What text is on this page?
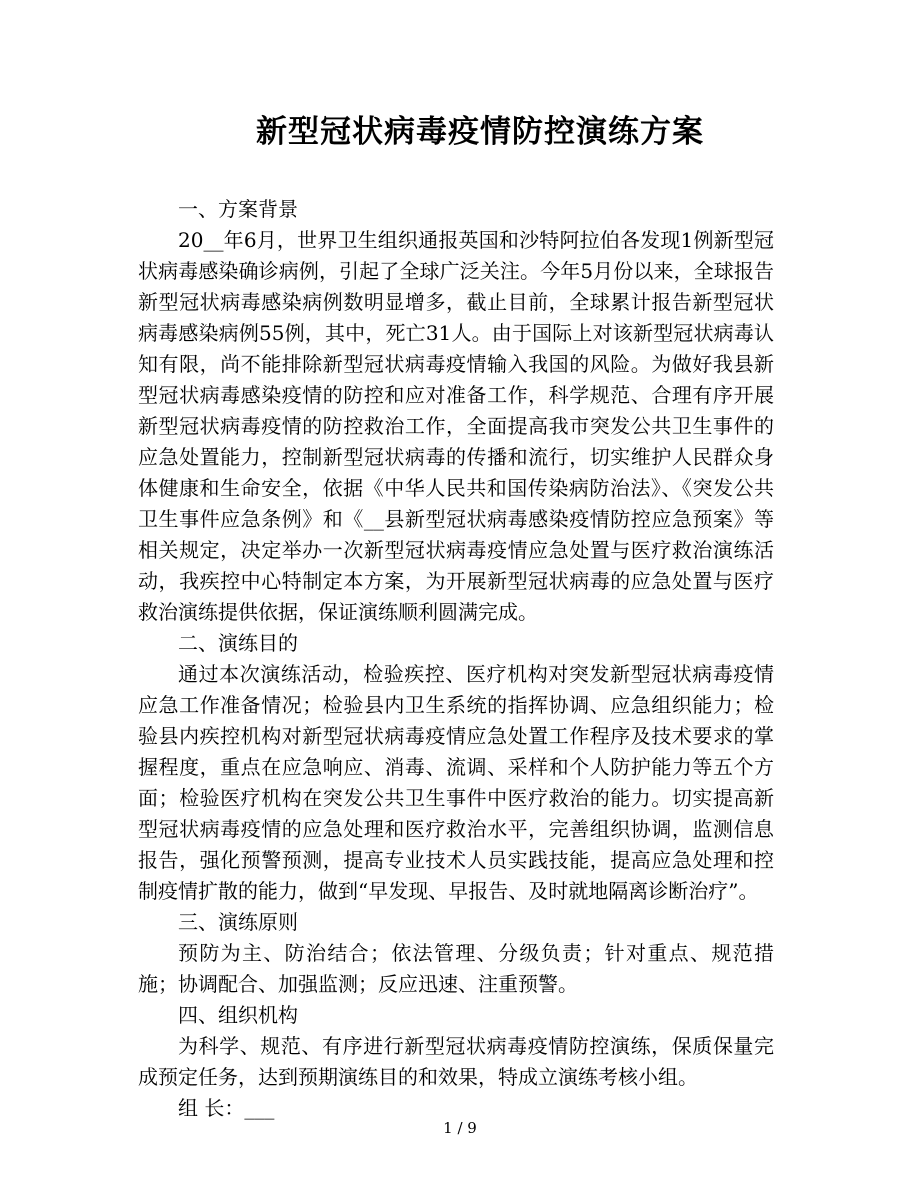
新型冠状病毒疫情防控演练方案

一、方案背景

20__年6月，世界卫生组织通报英国和沙特阿拉伯各发现1例新型冠状病毒感染确诊病例，引起了全球广泛关注。今年5月份以来，全球报告新型冠状病毒感染病例数明显增多，截止目前，全球累计报告新型冠状病毒感染病例55例，其中，死亡31人。由于国际上对该新型冠状病毒认知有限，尚不能排除新型冠状病毒疫情输入我国的风险。为做好我县新型冠状病毒感染疫情的防控和应对准备工作，科学规范、合理有序开展新型冠状病毒疫情的防控救治工作，全面提高我市突发公共卫生事件的应急处置能力，控制新型冠状病毒的传播和流行，切实维护人民群众身体健康和生命安全，依据《中华人民共和国传染病防治法》、《突发公共卫生事件应急条例》和《__县新型冠状病毒感染疫情防控应急预案》等相关规定，决定举办一次新型冠状病毒疫情应急处置与医疗救治演练活动，我疾控中心特制定本方案，为开展新型冠状病毒的应急处置与医疗救治演练提供依据，保证演练顺利圆满完成。

二、演练目的

通过本次演练活动，检验疾控、医疗机构对突发新型冠状病毒疫情应急工作准备情况；检验县内卫生系统的指挥协调、应急组织能力；检验县内疾控机构对新型冠状病毒疫情应急处置工作程序及技术要求的掌握程度，重点在应急响应、消毒、流调、采样和个人防护能力等五个方面；检验医疗机构在突发公共卫生事件中医疗救治的能力。切实提高新型冠状病毒疫情的应急处理和医疗救治水平，完善组织协调，监测信息报告，强化预警预测，提高专业技术人员实践技能，提高应急处理和控制疫情扩散的能力，做到“早发现、早报告、及时就地隔离诊断治疗”。

三、演练原则

预防为主、防治结合；依法管理、分级负责；针对重点、规范措施；协调配合、加强监测；反应迅速、注重预警。

四、组织机构

为科学、规范、有序进行新型冠状病毒疫情防控演练，保质保量完成预定任务，达到预期演练目的和效果，特成立演练考核小组。

组 长：___

1 / 9
